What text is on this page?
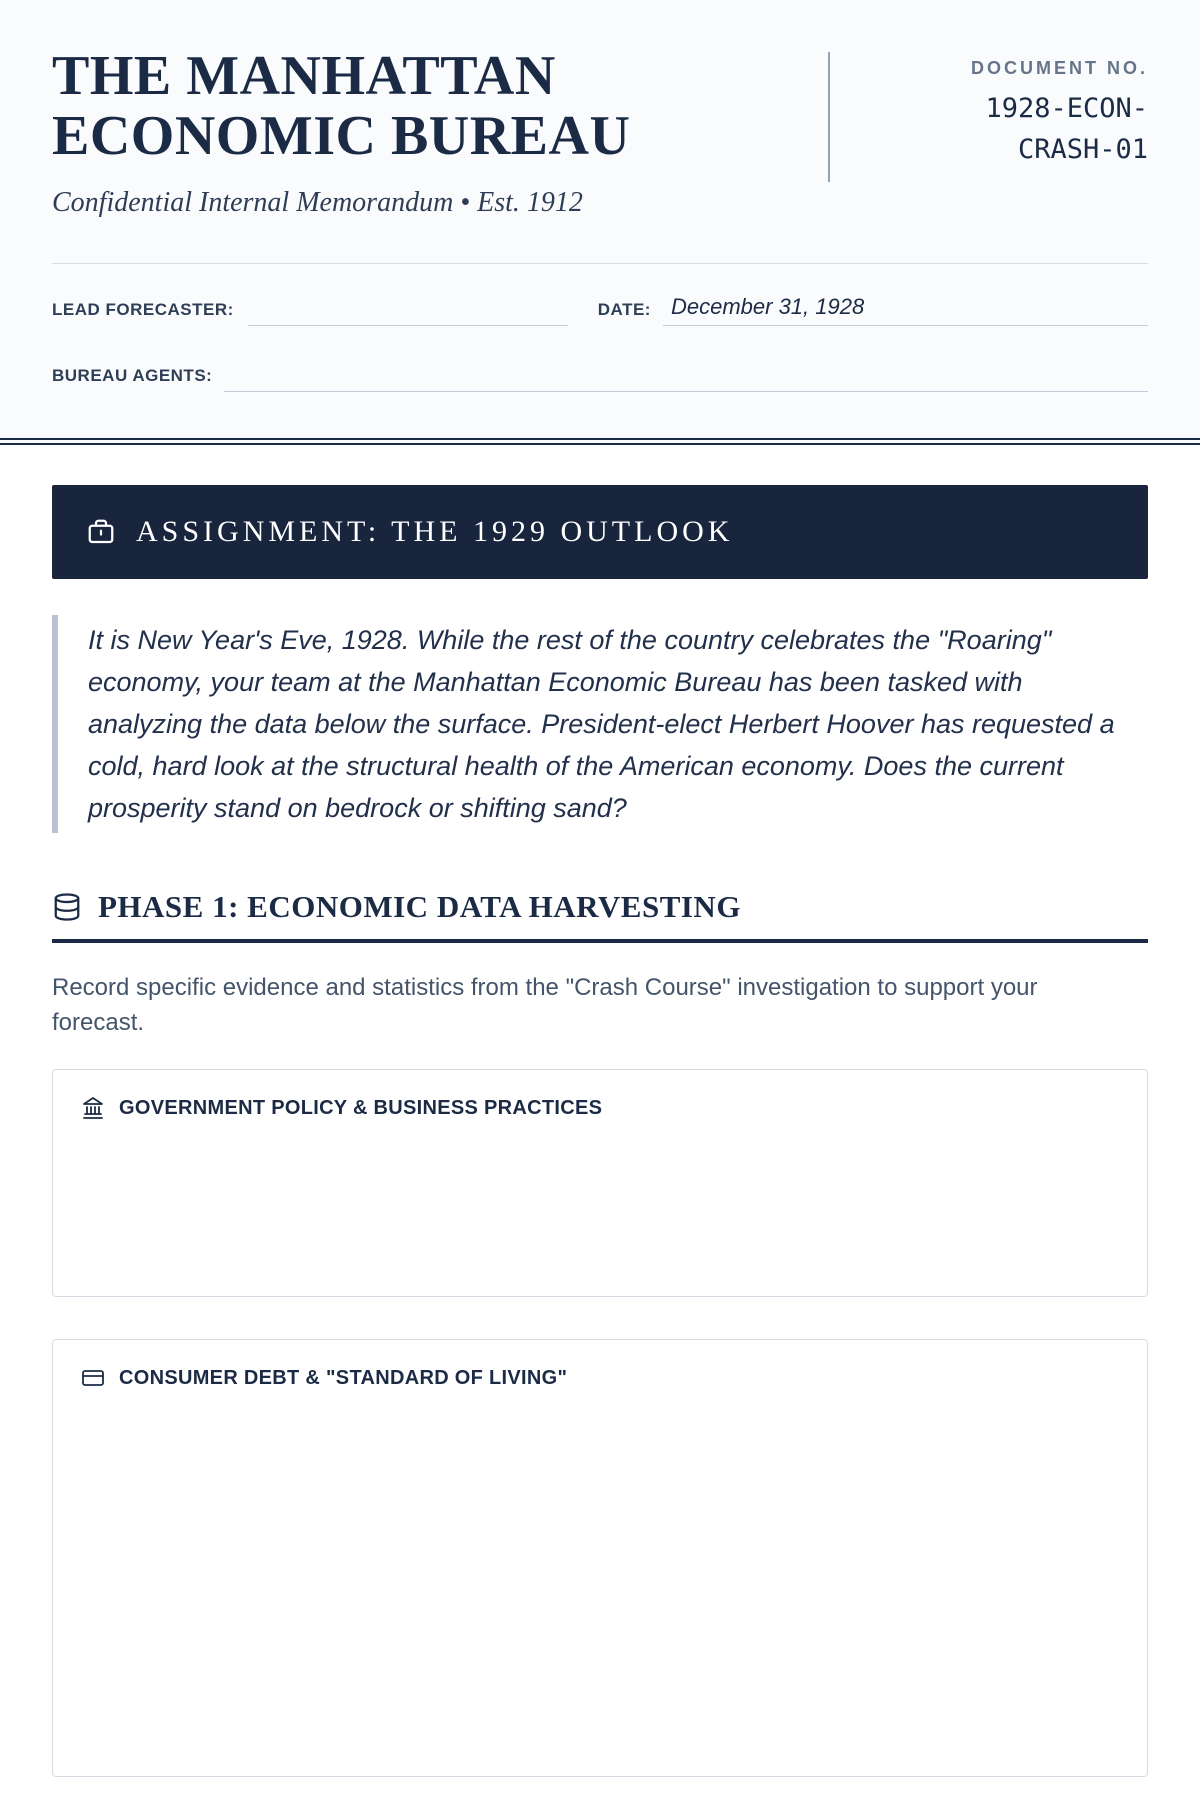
THE MANHATTAN ECONOMIC BUREAU
Confidential Internal Memorandum • Est. 1912
DOCUMENT NO.
1928-ECON-CRASH-01
LEAD FORECASTER:	DATE:
December 31, 1928
BUREAU AGENTS:
ASSIGNMENT: THE 1929 OUTLOOK
It is New Year's Eve, 1928. While the rest of the country celebrates the "Roaring" economy, your team at the Manhattan Economic Bureau has been tasked with analyzing the data below the surface. President-elect Herbert Hoover has requested a cold, hard look at the structural health of the American economy. Does the current prosperity stand on bedrock or shifting sand?
PHASE 1: ECONOMIC DATA HARVESTING
Record specific evidence and statistics from the "Crash Course" investigation to support your forecast.
GOVERNMENT POLICY & BUSINESS PRACTICES
CONSUMER DEBT & "STANDARD OF LIVING"
